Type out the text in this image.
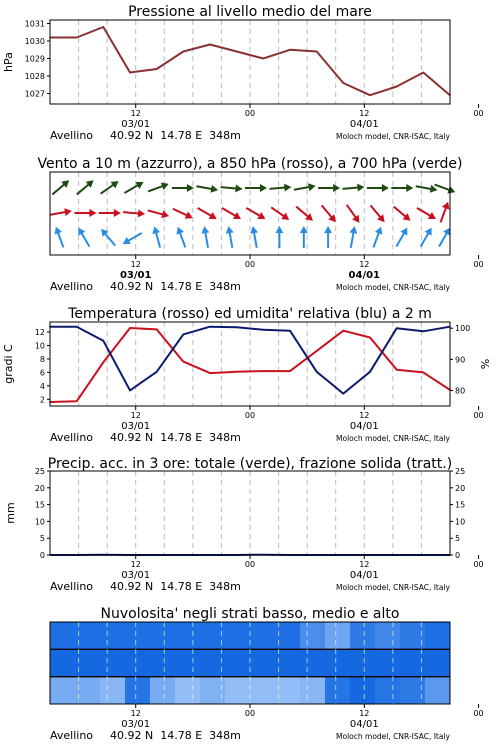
Pressione al livello medio del mare
1027
1028
1029
1030
1031
hPa
12	00	12	00
03/01	04/01
Avellino 40.92 N  14.78 E  348m	Moloch model, CNR-ISAC, Italy
Vento a 10 m (azzurro), a 850 hPa (rosso), a 700 hPa (verde)
12	00	12	00
03/01	04/01
Avellino 40.92 N  14.78 E  348m	Moloch model, CNR-ISAC, Italy
Temperatura (rosso) ed umidita' relativa (blu) a 2 m
2
4
6
8
10
12
80
90
100
gradi C	%
12	00	12	00
03/01	04/01
Avellino 40.92 N  14.78 E  348m	Moloch model, CNR-ISAC, Italy
Precip. acc. in 3 ore: totale (verde), frazione solida (tratt.)
0
5
10
15
20
25
0
5
10
15
20
25
mm
12	00	12	00
03/01	04/01
Avellino 40.92 N  14.78 E  348m	Moloch model, CNR-ISAC, Italy
Nuvolosita' negli strati basso, medio e alto
12	00	12	00
03/01	04/01
Avellino 40.92 N  14.78 E  348m	Moloch model, CNR-ISAC, Italy
